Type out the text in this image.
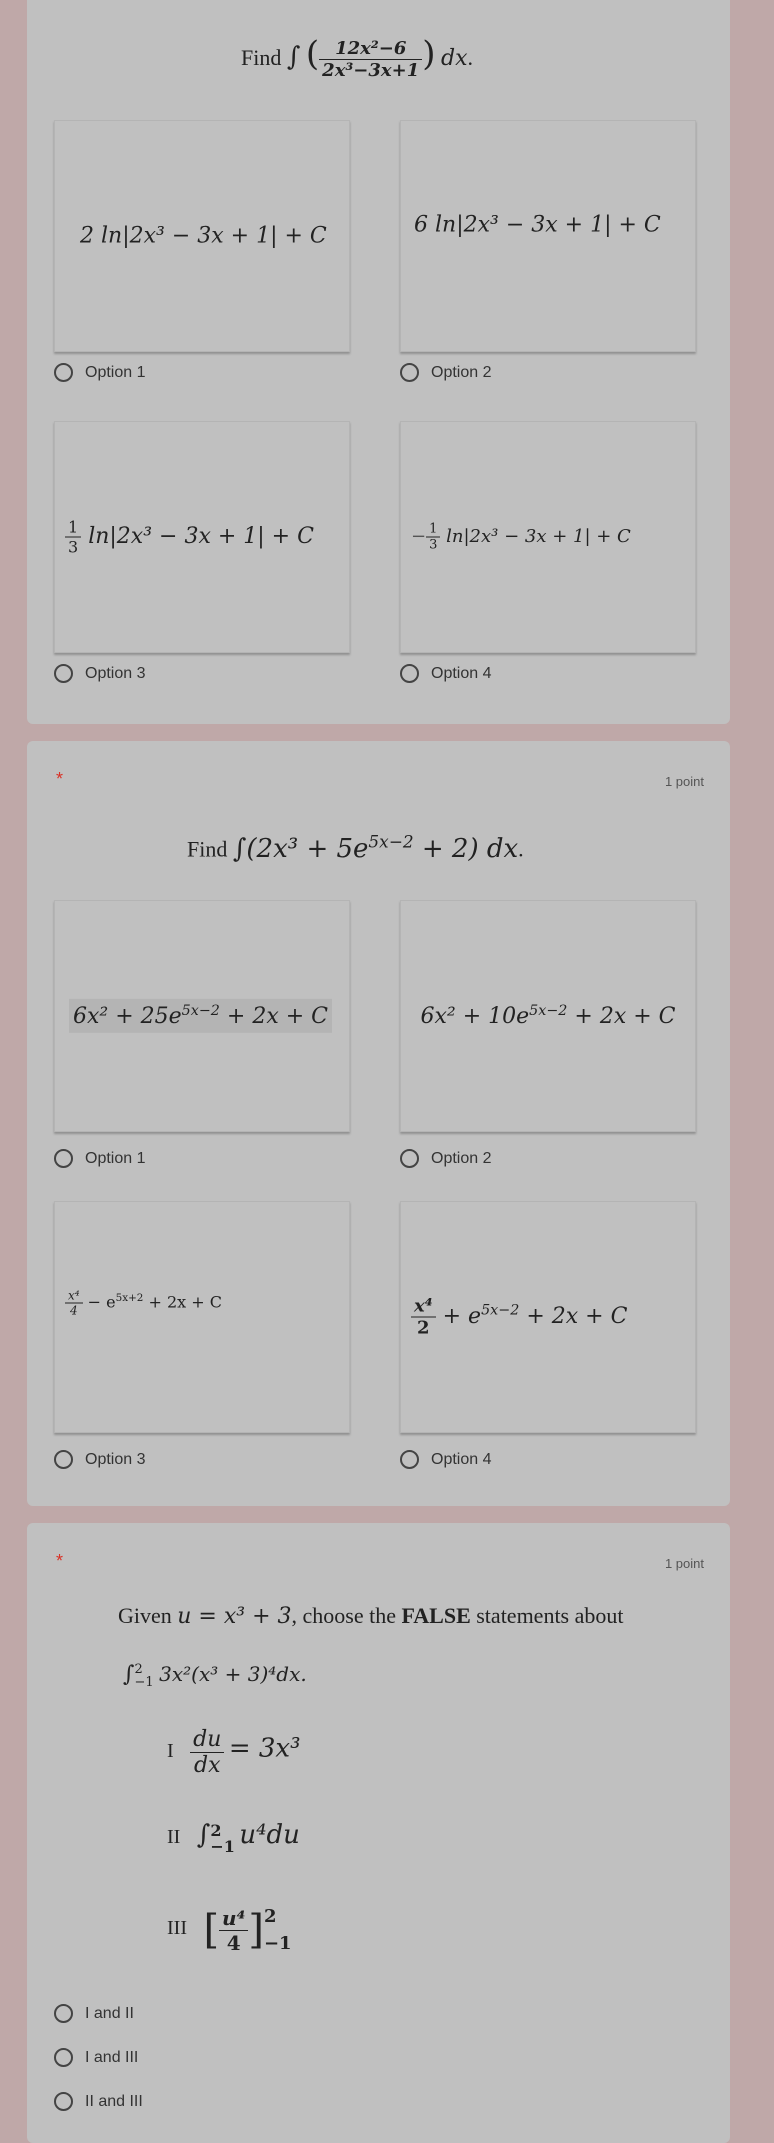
Find ∫ ( $\frac{\text{12x²−6}}{\text{2x³−3x+1}}$ ) dx.
2 ln|2x³ − 3x + 1| + C	6 ln|2x³ − 3x + 1| + C
Option 1	Option 2
$\frac{1}{3} \ln|2x^3 - 3x + 1| + C$	− $\frac{1}{3} \ln|2x^3 - 3x + 1| + C$
Option 3	Option 4
*	1 point
Find $\int(2x^3 + 5e^{5x-2} + 2)$ dx.
$6x^2 + 25e^{5x-2} + 2x + C$	$6x^2 + 10e^{5x-2} + 2x + C$
Option 1	Option 2
$\frac{\text{x⁴}}{4} - e^{5x+2} + 2x + C$	$\frac{\text{x⁴}}{2} + e^{5x-2} + 2x + C$
Option 3	Option 4
*	1 point
Given u = x³ + 3, choose the FALSE statements about
∫ 2
−1 3x²(x³ + 3)⁴dx.
I $\frac{du}{dx} = 3x^3$
II ∫ 2
−1 u⁴du
III [ $\frac{\text{u⁴}}{4}$ ] 2
−1
I and II
I and III
II and III
